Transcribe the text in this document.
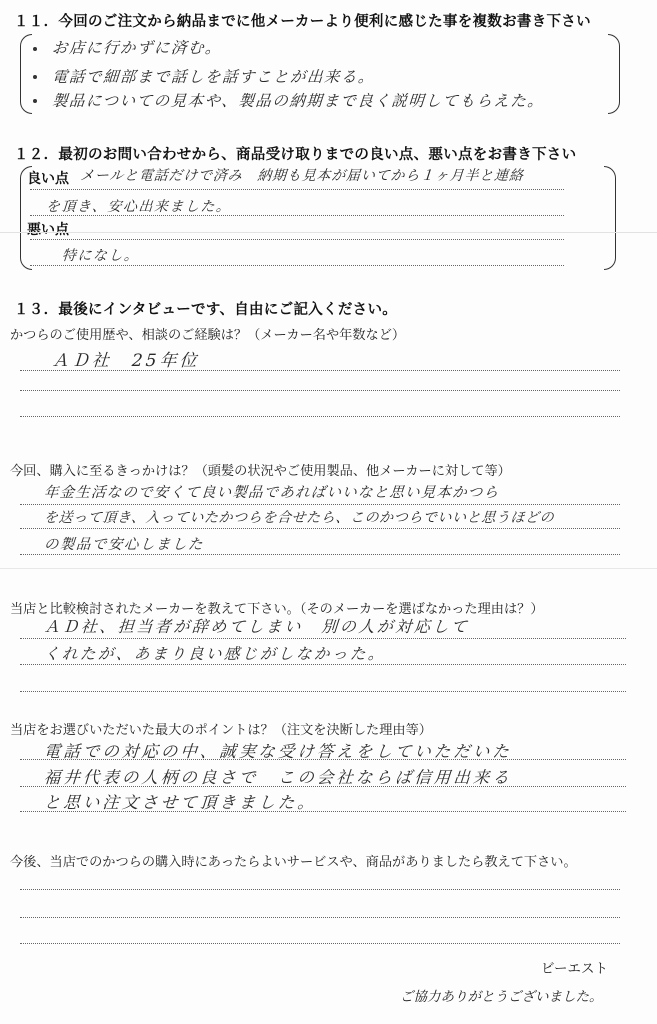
１１．今回のご注文から納品までに他メーカーより便利に感じた事を複数お書き下さい
お店に行かずに済む。
電話で細部まで話しを話すことが出来る。
製品についての見本や、製品の納期まで良く説明してもらえた。
１２．最初のお問い合わせから、商品受け取りまでの良い点、悪い点をお書き下さい
良い点 メールと電話だけで済み　納期も見本が届いてから１ヶ月半と連絡
を頂き、安心出来ました。
悪い点
特になし。
１３．最後にインタビューです、自由にご記入ください。
かつらのご使用歴や、相談のご経験は？（メーカー名や年数など）
ＡＤ社　25年位
今回、購入に至るきっかけは？（頭髪の状況やご使用製品、他メーカーに対して等）
年金生活なので安くて良い製品であればいいなと思い見本かつら
を送って頂き、入っていたかつらを合せたら、このかつらでいいと思うほどの
の製品で安心しました
当店と比較検討されたメーカーを教えて下さい。（そのメーカーを選ばなかった理由は？）
ＡＤ社、担当者が辞めてしまい　別の人が対応して
くれたが、あまり良い感じがしなかった。
当店をお選びいただいた最大のポイントは？（注文を決断した理由等）
電話での対応の中、誠実な受け答えをしていただいた
福井代表の人柄の良さで　この会社ならば信用出来る
と思い注文させて頂きました。
今後、当店でのかつらの購入時にあったらよいサービスや、商品がありましたら教えて下さい。
ビーエスト
ご協力ありがとうございました。
